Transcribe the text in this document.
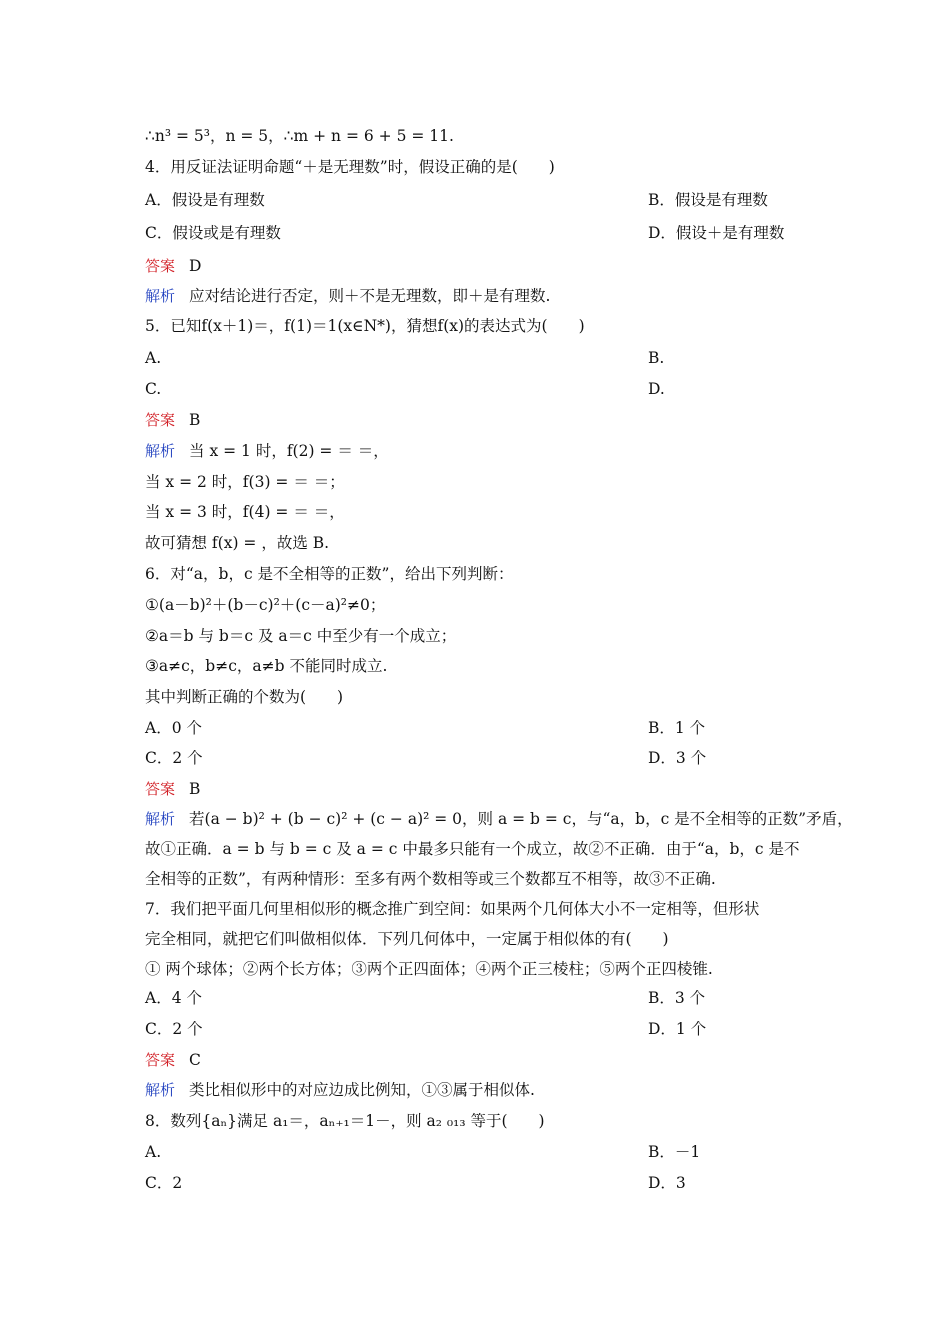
∴n³ = 5³，n = 5，∴m + n = 6 + 5 = 11.
4．用反证法证明命题“＋是无理数”时，假设正确的是(　　)
A．假设是有理数	B．假设是有理数
C．假设或是有理数	D．假设＋是有理数
答案 D
解析 应对结论进行否定，则＋不是无理数，即＋是有理数.
5．已知f(x＋1)＝，f(1)＝1(x∈N*)，猜想f(x)的表达式为(　　)
A.	B.
C.	D.
答案 B
解析 当 x = 1 时，f(2) = ＝ ＝，
当 x = 2 时，f(3) = ＝ ＝；
当 x = 3 时，f(4) = ＝ ＝，
故可猜想 f(x) = ，故选 B.
6．对“a，b，c 是不全相等的正数”，给出下列判断：
①(a－b)²＋(b－c)²＋(c－a)²≠0；
②a＝b 与 b＝c 及 a＝c 中至少有一个成立；
③a≠c，b≠c，a≠b 不能同时成立.
其中判断正确的个数为(　　)
A．0 个	B．1 个
C．2 个	D．3 个
答案 B
解析 若(a − b)² + (b − c)² + (c − a)² = 0，则 a = b = c，与“a，b，c 是不全相等的正数”矛盾，
故①正确．a = b 与 b = c 及 a = c 中最多只能有一个成立，故②不正确．由于“a，b，c 是不
全相等的正数”，有两种情形：至多有两个数相等或三个数都互不相等，故③不正确.
7．我们把平面几何里相似形的概念推广到空间：如果两个几何体大小不一定相等，但形状
完全相同，就把它们叫做相似体．下列几何体中，一定属于相似体的有(　　)
① 两个球体；②两个长方体；③两个正四面体；④两个正三棱柱；⑤两个正四棱锥.
A．4 个	B．3 个
C．2 个	D．1 个
答案 C
解析 类比相似形中的对应边成比例知，①③属于相似体.
8．数列{aₙ}满足 a₁＝，aₙ₊₁＝1－，则 a₂ ₀₁₃ 等于(　　)
A.	B．－1
C．2	D．3
